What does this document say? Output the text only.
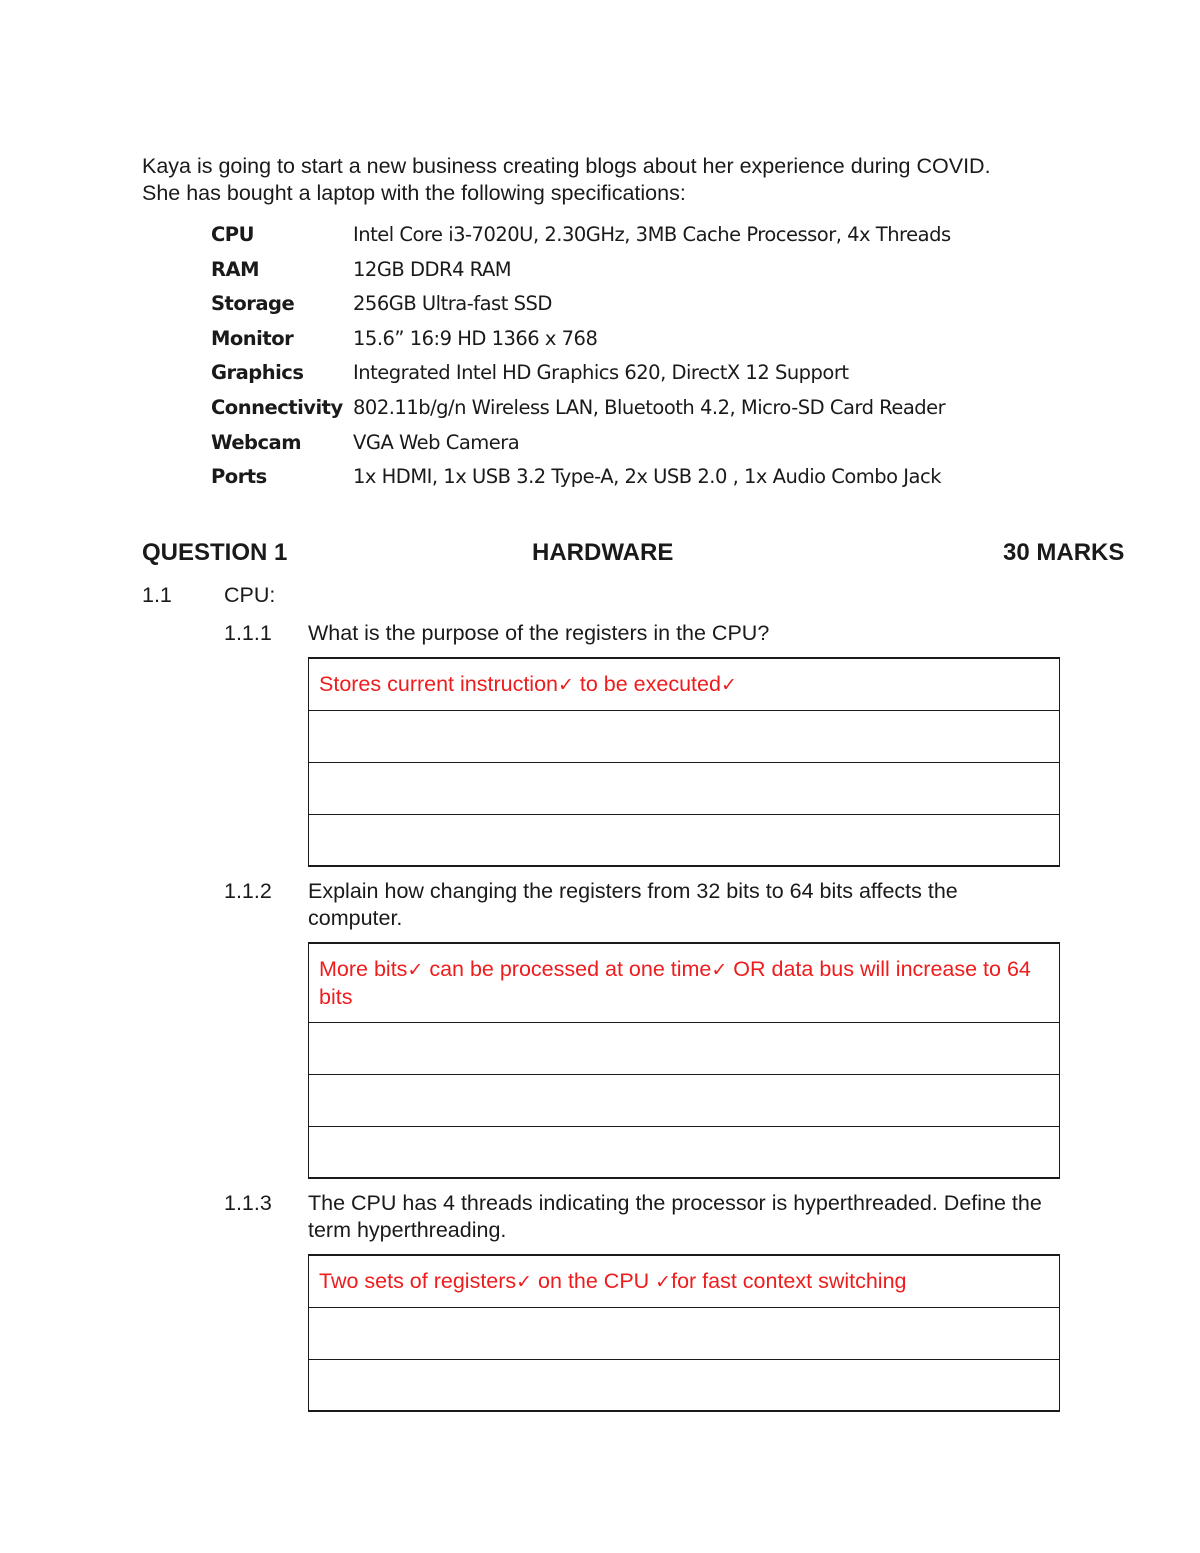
Kaya is going to start a new business creating blogs about her experience during COVID. She has bought a laptop with the following specifications:

CPU	Intel Core i3-7020U, 2.30GHz, 3MB Cache Processor, 4x Threads
RAM	12GB DDR4 RAM
Storage	256GB Ultra-fast SSD
Monitor	15.6” 16:9 HD 1366 x 768
Graphics	Integrated Intel HD Graphics 620, DirectX 12 Support
Connectivity 802.11b/g/n Wireless LAN, Bluetooth 4.2, Micro-SD Card Reader
Webcam	VGA Web Camera
Ports	1x HDMI, 1x USB 3.2 Type-A, 2x USB 2.0 , 1x Audio Combo Jack
QUESTION 1	HARDWARE	30 MARKS
1.1 CPU:
1.1.1 What is the purpose of the registers in the CPU?
Stores current instruction✓ to be executed✓
1.1.2 Explain how changing the registers from 32 bits to 64 bits affects the computer.
More bits✓ can be processed at one time✓ OR data bus will increase to 64 bits
1.1.3 The CPU has 4 threads indicating the processor is hyperthreaded. Define the term hyperthreading.
Two sets of registers✓ on the CPU ✓for fast context switching
